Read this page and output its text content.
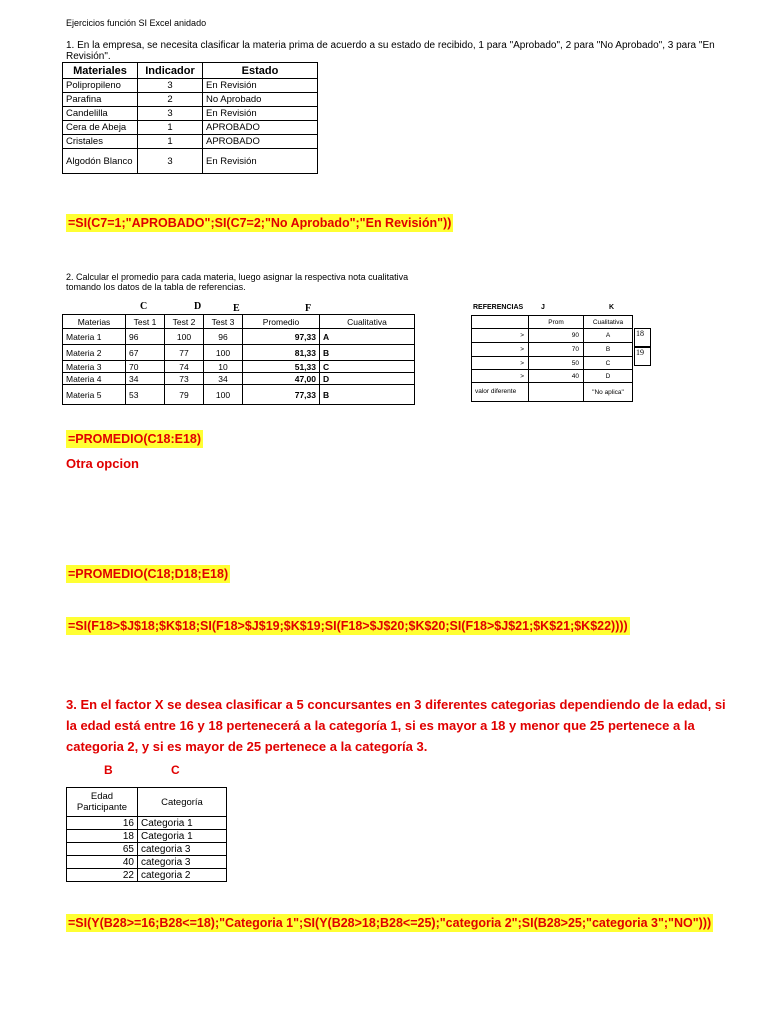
Ejercicios función SI Excel anidado
1. En la empresa, se necesita clasificar la materia prima de acuerdo a su estado de recibido, 1 para "Aprobado", 2 para "No Aprobado", 3 para "En Revisión".
Materiales	Indicador	Estado
Polipropileno	3	En Revisión
Parafina	2	No Aprobado
Candelilla	3	En Revisión
Cera de Abeja	1	APROBADO
Cristales	1	APROBADO
Algodón Blanco	3	En Revisión
=SI(C7=1;"APROBADO";SI(C7=2;"No Aprobado";"En Revisión"))
2. Calcular el promedio para cada materia, luego asignar la respectiva nota cualitativa tomando los datos de la tabla de referencias.
C	D	E	F
Materias	Test 1	Test 2	Test 3	Promedio	Cualitativa
Materia 1	96	100	96	97,33	A
Materia 2	67	77	100	81,33	B
Materia 3	70	74	10	51,33	C
Materia 4	34	73	34	47,00	D
Materia 5	53	79	100	77,33	B
REFERENCIAS	J	K
	Prom	Cualitativa
>	90	A
>	70	B
>	50	C
>	40	D
valor diferente		"No aplica"
18
19
=PROMEDIO(C18:E18)
Otra opcion
=PROMEDIO(C18;D18;E18)
=SI(F18>$J$18;$K$18;SI(F18>$J$19;$K$19;SI(F18>$J$20;$K$20;SI(F18>$J$21;$K$21;$K$22))))
3. En el factor X se desea clasificar a 5 concursantes en 3 diferentes categorias dependiendo de la edad, si la edad está entre 16 y 18 pertenecerá a la categoría 1, si es mayor a 18 y menor que 25 pertenece a la categoria 2, y si es mayor de 25 pertenece a la categoría 3.
B	C
Edad Participante	Categoría
16	Categoria 1
18	Categoria 1
65	categoria 3
40	categoria 3
22	categoria 2
=SI(Y(B28>=16;B28<=18);"Categoria 1";SI(Y(B28>18;B28<=25);"categoria 2";SI(B28>25;"categoria 3";"NO")))
